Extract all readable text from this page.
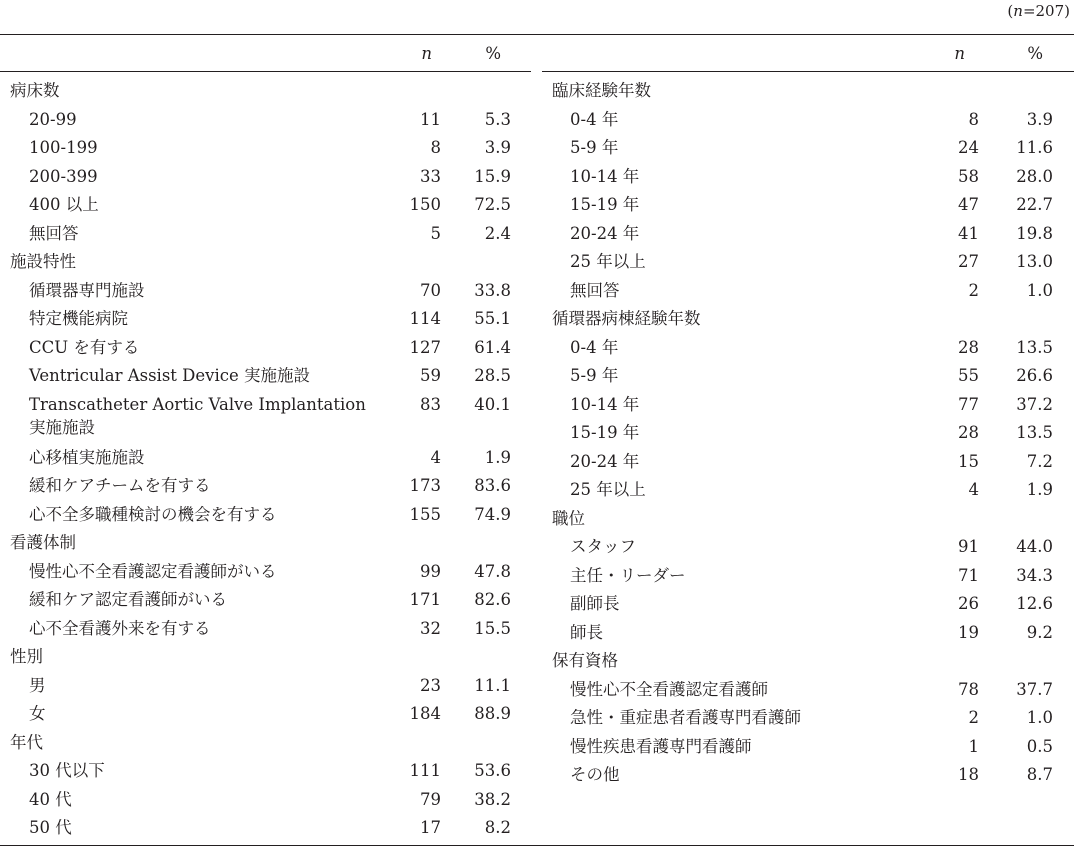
(n=207)
n	%
病床数
20-99	11	5.3
100-199	8	3.9
200-399	33 15.9
400 以上	150 72.5
無回答	5	2.4
施設特性
循環器専門施設	70 33.8
特定機能病院	114 55.1
CCU を有する	127 61.4
Ventricular Assist Device 実施施設	59 28.5
Transcatheter Aortic Valve Implantation実施施設
83 40.1
心移植実施施設	4	1.9
緩和ケアチームを有する	173 83.6
心不全多職種検討の機会を有する	155 74.9
看護体制
慢性心不全看護認定看護師がいる	99 47.8
緩和ケア認定看護師がいる	171 82.6
心不全看護外来を有する	32 15.5
性別
男	23 11.1
女	184 88.9
年代
30 代以下	111 53.6
40 代	79 38.2
50 代	17	8.2
n	%
臨床経験年数
0-4 年	8	3.9
5-9 年	24 11.6
10-14 年	58 28.0
15-19 年	47 22.7
20-24 年	41 19.8
25 年以上	27 13.0
無回答	2	1.0
循環器病棟経験年数
0-4 年	28 13.5
5-9 年	55 26.6
10-14 年	77 37.2
15-19 年	28 13.5
20-24 年	15	7.2
25 年以上	4	1.9
職位
スタッフ	91 44.0
主任・リーダー	71 34.3
副師長	26 12.6
師長	19	9.2
保有資格
慢性心不全看護認定看護師	78 37.7
急性・重症患者看護専門看護師	2	1.0
慢性疾患看護専門看護師	1	0.5
その他	18	8.7
